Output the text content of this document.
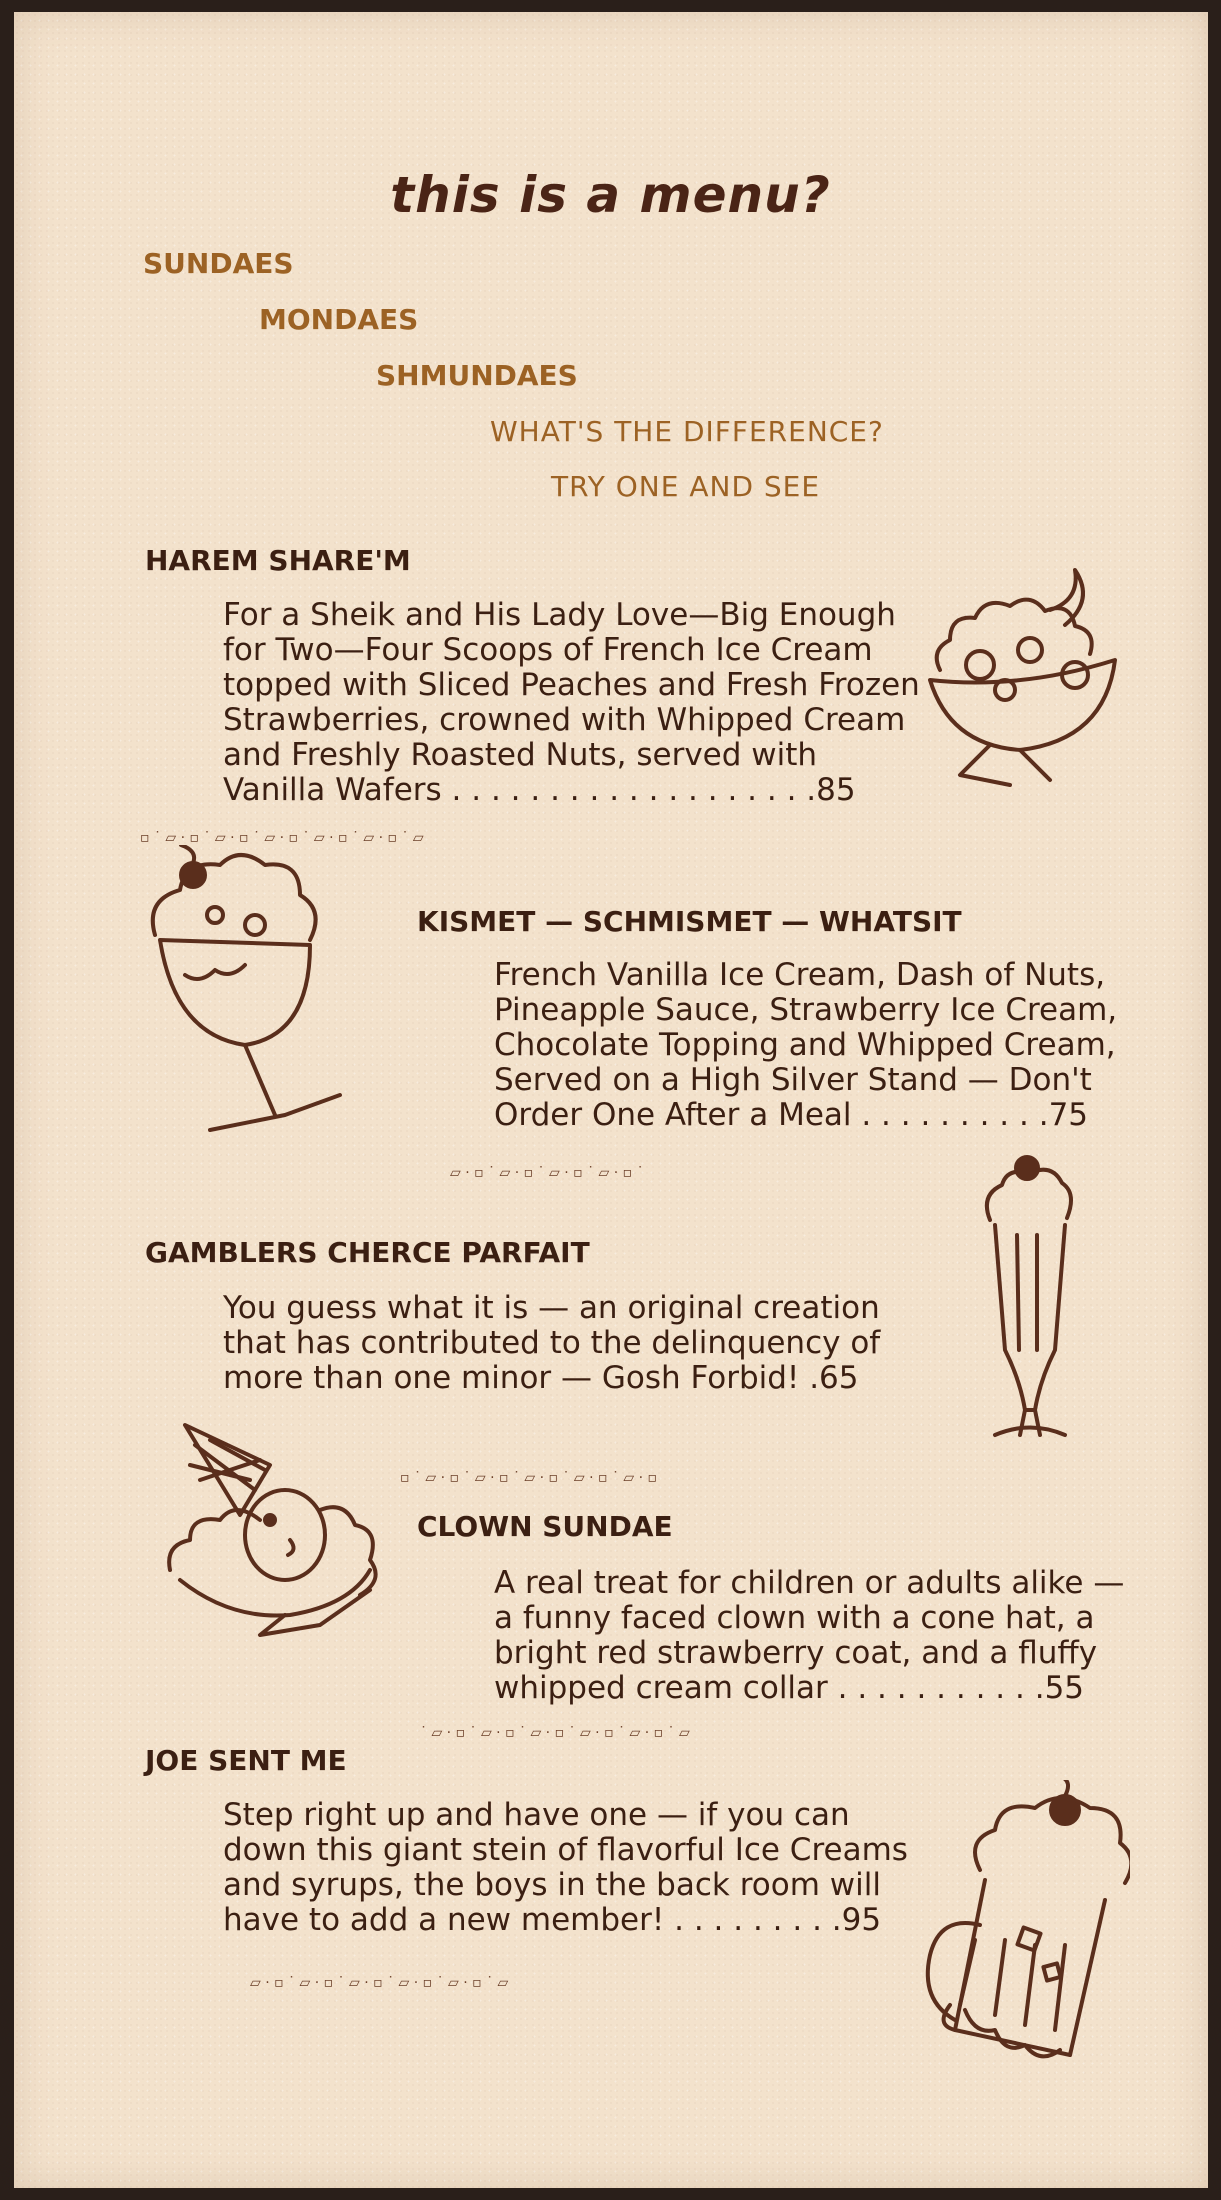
this is a menu?

SUNDAES

MONDAES

SHMUNDAES

WHAT'S THE DIFFERENCE?

TRY ONE AND SEE

HAREM SHARE'M

For a Sheik and His Lady Love—Big Enough
for Two—Four Scoops of French Ice Cream
topped with Sliced Peaches and Fresh Frozen
Strawberries, crowned with Whipped Cream
and Freshly Roasted Nuts, served with
Vanilla Wafers . . . . . . . . . . . . . . . . . . .85

KISMET — SCHMISMET — WHATSIT

French Vanilla Ice Cream, Dash of Nuts,
Pineapple Sauce, Strawberry Ice Cream,
Chocolate Topping and Whipped Cream,
Served on a High Silver Stand — Don't
Order One After a Meal . . . . . . . . . .75

GAMBLERS CHERCE PARFAIT

You guess what it is — an original creation
that has contributed to the delinquency of
more than one minor — Gosh Forbid! .65

CLOWN SUNDAE

A real treat for children or adults alike —
a funny faced clown with a cone hat, a
bright red strawberry coat, and a fluffy
whipped cream collar . . . . . . . . . . .55

JOE SENT ME

Step right up and have one — if you can
down this giant stein of flavorful Ice Creams
and syrups, the boys in the back room will
have to add a new member! . . . . . . . . .95
▫ ˙ ▱ · ▫ ˙ ▱ · ▫ ˙ ▱ · ▫ ˙ ▱ · ▫ ˙ ▱ · ▫ ˙ ▱
▱ · ▫ ˙ ▱ · ▫ ˙ ▱ · ▫ ˙ ▱ · ▫ ˙
▫ ˙ ▱ · ▫ ˙ ▱ · ▫ ˙ ▱ · ▫ ˙ ▱ · ▫ ˙ ▱ · ▫
˙ ▱ · ▫ ˙ ▱ · ▫ ˙ ▱ · ▫ ˙ ▱ · ▫ ˙ ▱ · ▫ ˙ ▱
▱ · ▫ ˙ ▱ · ▫ ˙ ▱ · ▫ ˙ ▱ · ▫ ˙ ▱ · ▫ ˙ ▱
